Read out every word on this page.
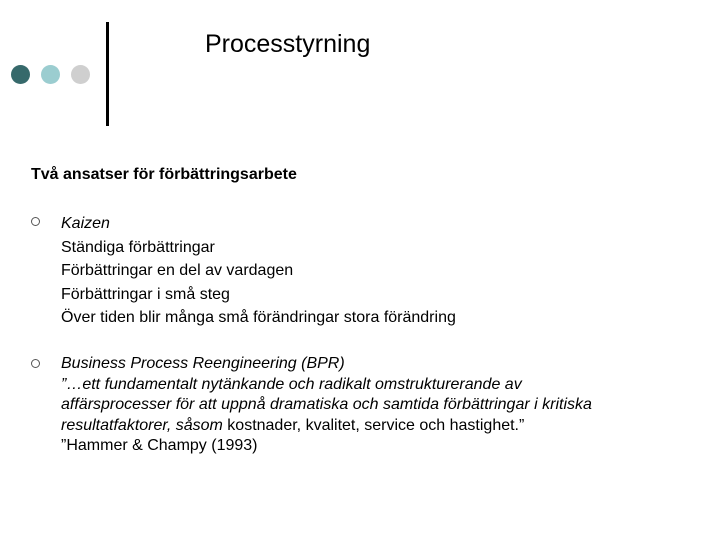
Processtyrning
Två ansatser för förbättringsarbete
Kaizen
Ständiga förbättringar
Förbättringar en del av vardagen
Förbättringar i små steg
Över tiden blir många små förändringar stora förändring
Business Process Reengineering (BPR)
”…ett fundamentalt nytänkande och radikalt omstrukturerande av
affärsprocesser för att uppnå dramatiska och samtida förbättringar i kritiska
resultatfaktorer, såsom kostnader, kvalitet, service och hastighet.”
”Hammer & Champy (1993)
